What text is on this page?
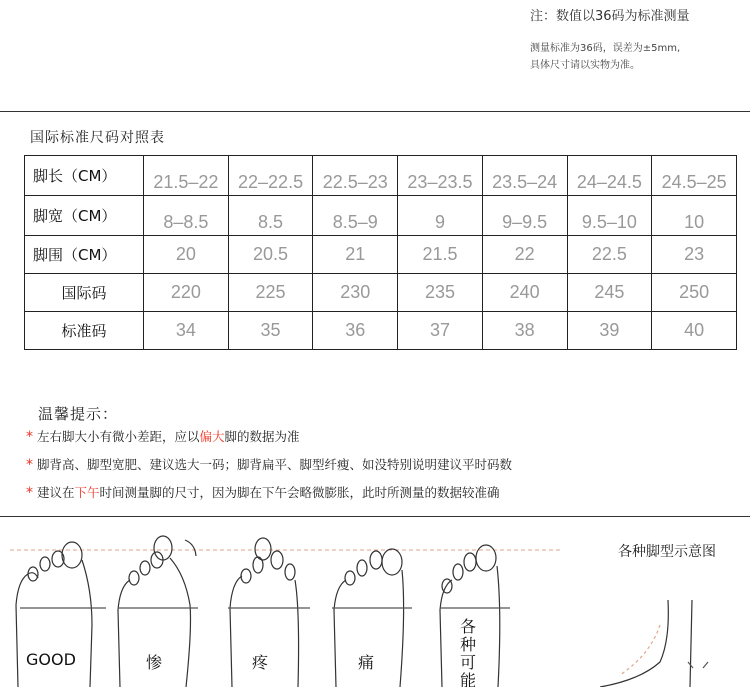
注：数值以36码为标准测量
测量标准为36码，误差为±5mm,
具体尺寸请以实物为准。
国际标准尺码对照表
脚长（CM）	21.5–22	22–22.5	22.5–23	23–23.5	23.5–24	24–24.5	24.5–25
脚宽（CM）	8–8.5	8.5	8.5–9	9	9–9.5	9.5–10	10
脚围（CM）	20	20.5	21	21.5	22	22.5	23
国际码	220	225	230	235	240	245	250
标准码	34	35	36	37	38	39	40
温馨提示：
* 左右脚大小有微小差距，应以偏大脚的数据为准
* 脚背高、脚型宽肥、建议选大一码；脚背扁平、脚型纤瘦、如没特别说明建议平时码数
* 建议在下午时间测量脚的尺寸，因为脚在下午会略微膨胀，此时所测量的数据较准确
各种脚型示意图
GOOD	惨	疼	痛
各种可能
